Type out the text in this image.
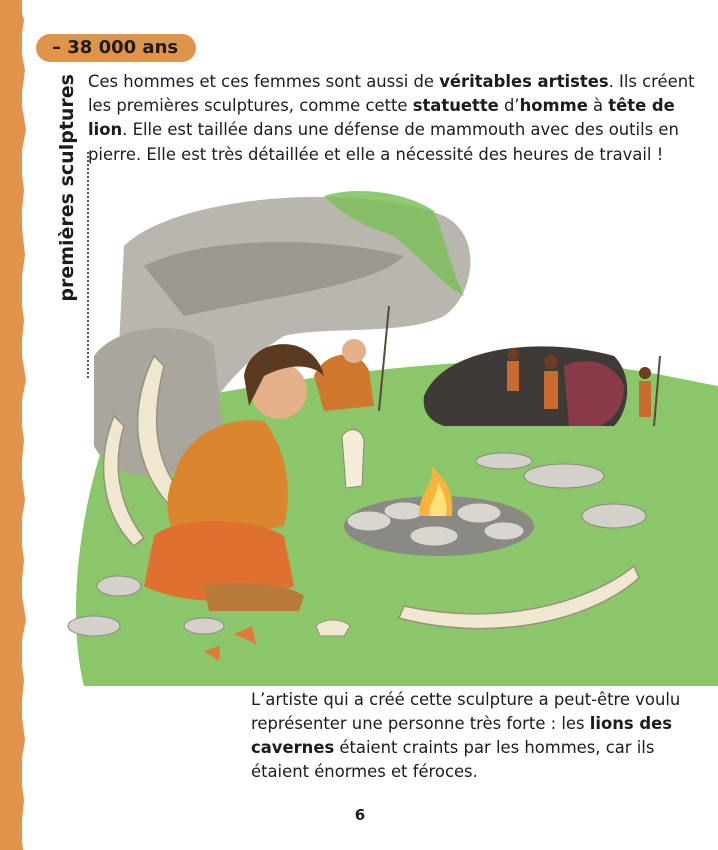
– 38 000 ans
premières sculptures Ces hommes et ces femmes sont aussi de véritables artistes. Ils créent les premières sculptures, comme cette statuette d’homme à tête de lion. Elle est taillée dans une défense de mammouth avec des outils en pierre. Elle est très détaillée et elle a nécessité des heures de travail !

L’artiste qui a créé cette sculpture a peut-être voulu représenter une personne très forte : les lions des cavernes étaient craints par les hommes, car ils étaient énormes et féroces.

6
